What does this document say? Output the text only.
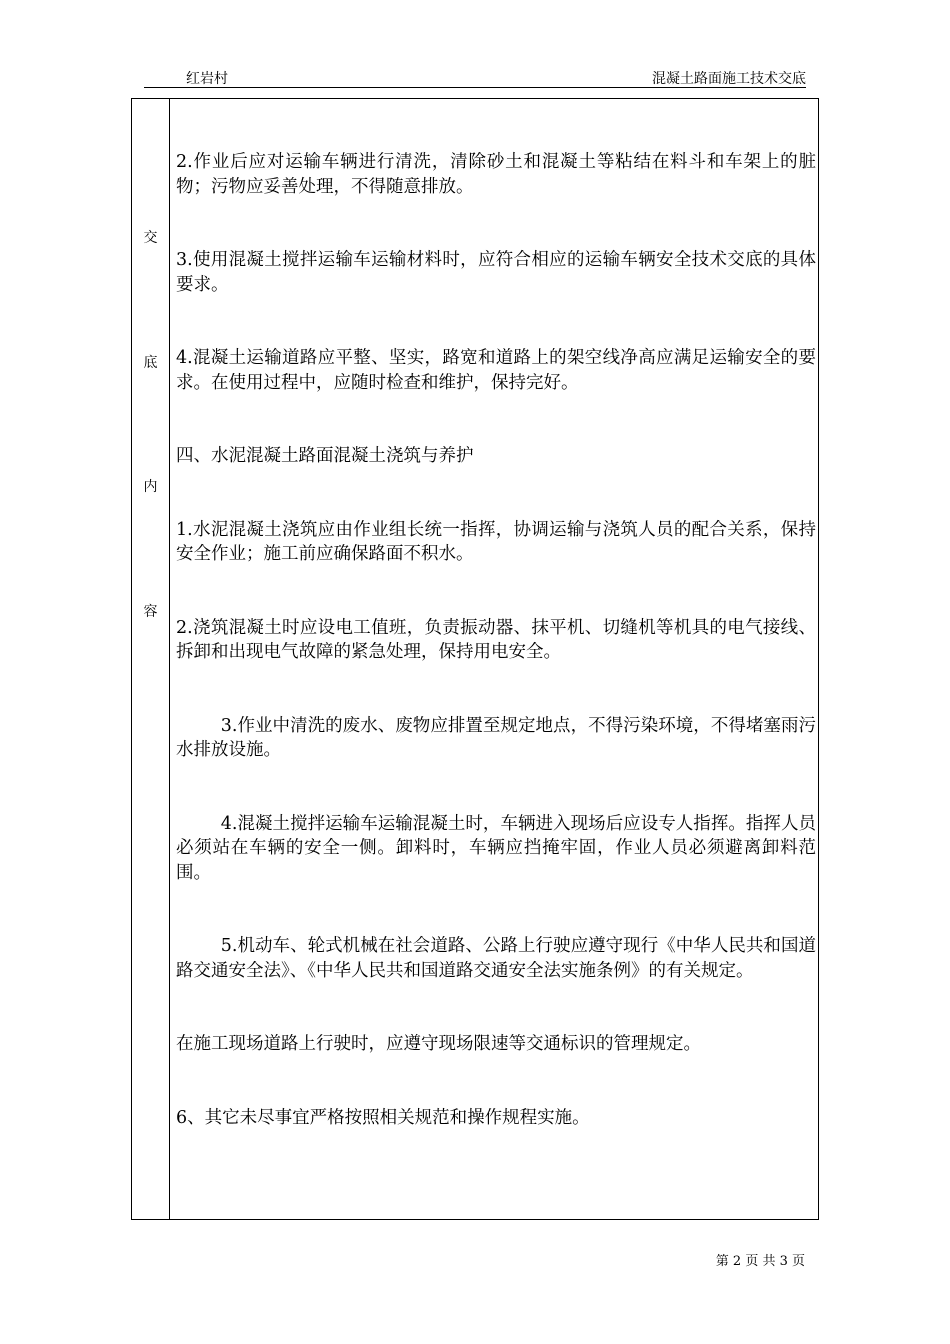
红岩村	混凝土路面施工技术交底
交
底
内
容

2.作业后应对运输车辆进行清洗，清除砂土和混凝土等粘结在料斗和车架上的脏物；污物应妥善处理，不得随意排放。

3.使用混凝土搅拌运输车运输材料时，应符合相应的运输车辆安全技术交底的具体要求。

4.混凝土运输道路应平整、坚实，路宽和道路上的架空线净高应满足运输安全的要求。在使用过程中，应随时检查和维护，保持完好。

四、水泥混凝土路面混凝土浇筑与养护

1.水泥混凝土浇筑应由作业组长统一指挥，协调运输与浇筑人员的配合关系，保持安全作业；施工前应确保路面不积水。

2.浇筑混凝土时应设电工值班，负责振动器、抹平机、切缝机等机具的电气接线、拆卸和出现电气故障的紧急处理，保持用电安全。

3.作业中清洗的废水、废物应排置至规定地点，不得污染环境，不得堵塞雨污水排放设施。

4.混凝土搅拌运输车运输混凝土时，车辆进入现场后应设专人指挥。指挥人员必须站在车辆的安全一侧。卸料时，车辆应挡掩牢固，作业人员必须避离卸料范围。

5.机动车、轮式机械在社会道路、公路上行驶应遵守现行《中华人民共和国道路交通安全法》、《中华人民共和国道路交通安全法实施条例》的有关规定。

在施工现场道路上行驶时，应遵守现场限速等交通标识的管理规定。

6、其它未尽事宜严格按照相关规范和操作规程实施。

第 2 页 共 3 页
